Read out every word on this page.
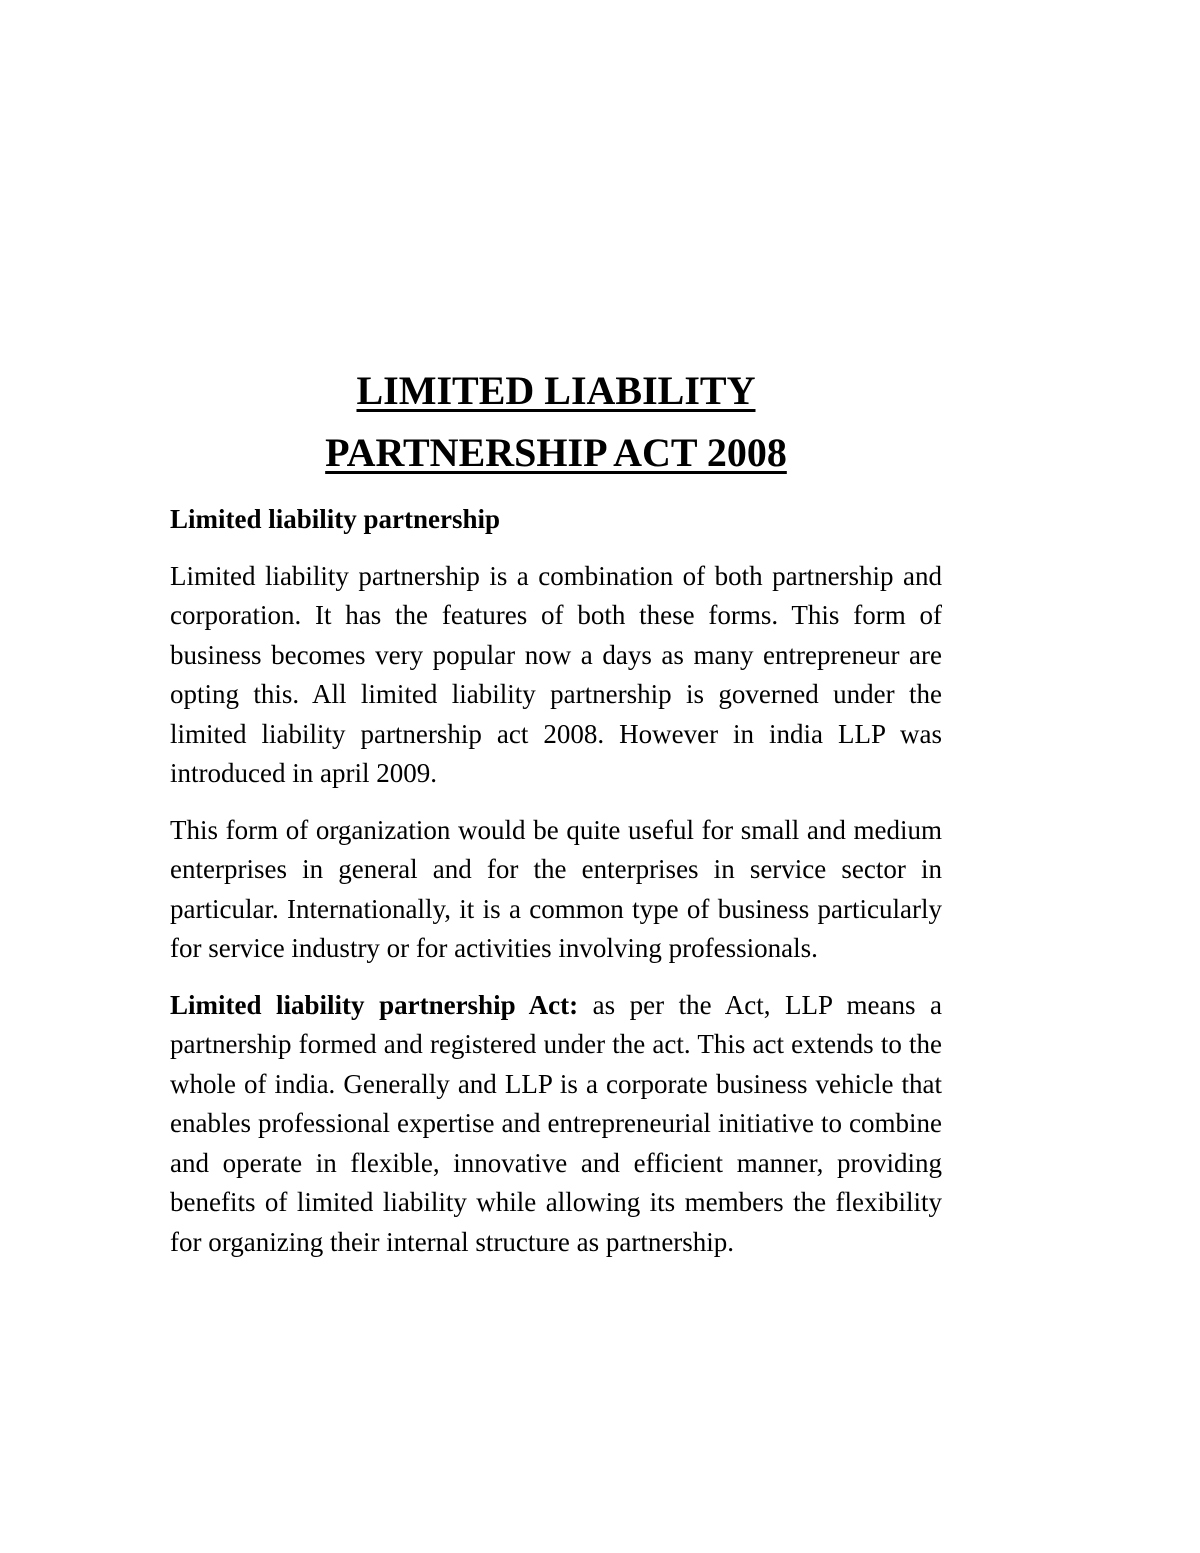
LIMITED LIABILITY
PARTNERSHIP ACT 2008

Limited liability partnership

Limited liability partnership is a combination of both partnership and corporation. It has the features of both these forms. This form of business becomes very popular now a days as many entrepreneur are opting this. All limited liability partnership is governed under the limited liability partnership act 2008. However in india LLP was introduced in april 2009.

This form of organization would be quite useful for small and medium enterprises in general and for the enterprises in service sector in particular. Internationally, it is a common type of business particularly for service industry or for activities involving professionals.

Limited liability partnership Act: as per the Act, LLP means a partnership formed and registered under the act. This act extends to the whole of india. Generally and LLP is a corporate business vehicle that enables professional expertise and entrepreneurial initiative to combine and operate in flexible, innovative and efficient manner, providing benefits of limited liability while allowing its members the flexibility for organizing their internal structure as partnership.
